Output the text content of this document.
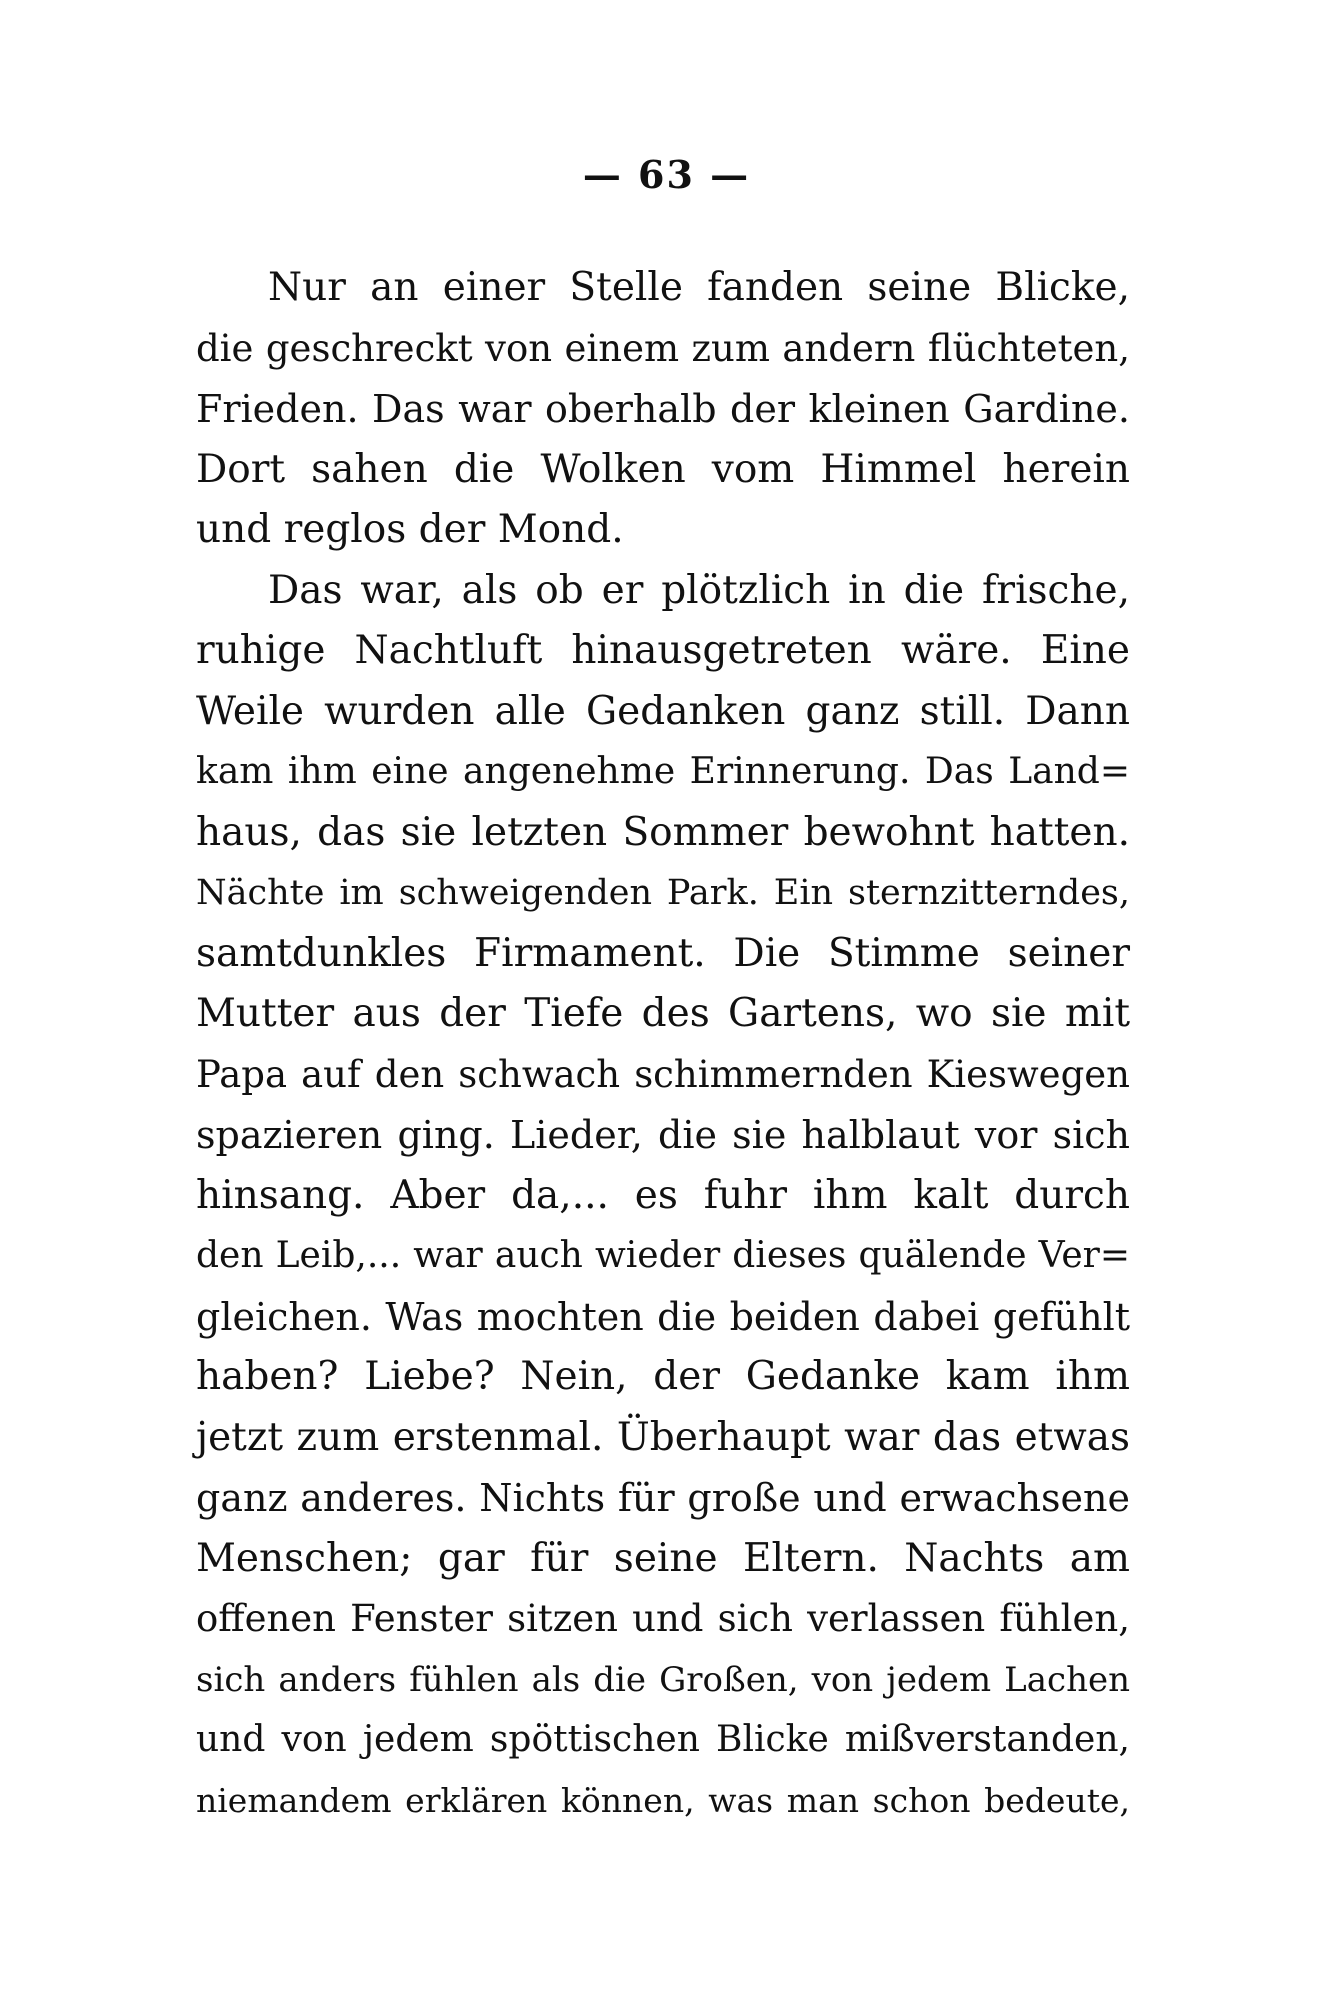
— 63 —
Nur an einer Stelle fanden seine Blicke,
die geschreckt von einem zum andern flüchteten,
Frieden. Das war oberhalb der kleinen Gardine.
Dort sahen die Wolken vom Himmel herein
und reglos der Mond.
Das war, als ob er plötzlich in die frische,
ruhige Nachtluft hinausgetreten wäre. Eine
Weile wurden alle Gedanken ganz still. Dann
kam ihm eine angenehme Erinnerung. Das Land=
haus, das sie letzten Sommer bewohnt hatten.
Nächte im schweigenden Park. Ein sternzitterndes,
samtdunkles Firmament. Die Stimme seiner
Mutter aus der Tiefe des Gartens, wo sie mit
Papa auf den schwach schimmernden Kieswegen
spazieren ging. Lieder, die sie halblaut vor sich
hinsang. Aber da,... es fuhr ihm kalt durch
den Leib,... war auch wieder dieses quälende Ver=
gleichen. Was mochten die beiden dabei gefühlt
haben? Liebe? Nein, der Gedanke kam ihm
jetzt zum erstenmal. Überhaupt war das etwas
ganz anderes. Nichts für große und erwachsene
Menschen; gar für seine Eltern. Nachts am
offenen Fenster sitzen und sich verlassen fühlen,
sich anders fühlen als die Großen, von jedem Lachen
und von jedem spöttischen Blicke mißverstanden,
niemandem erklären können, was man schon bedeute,
